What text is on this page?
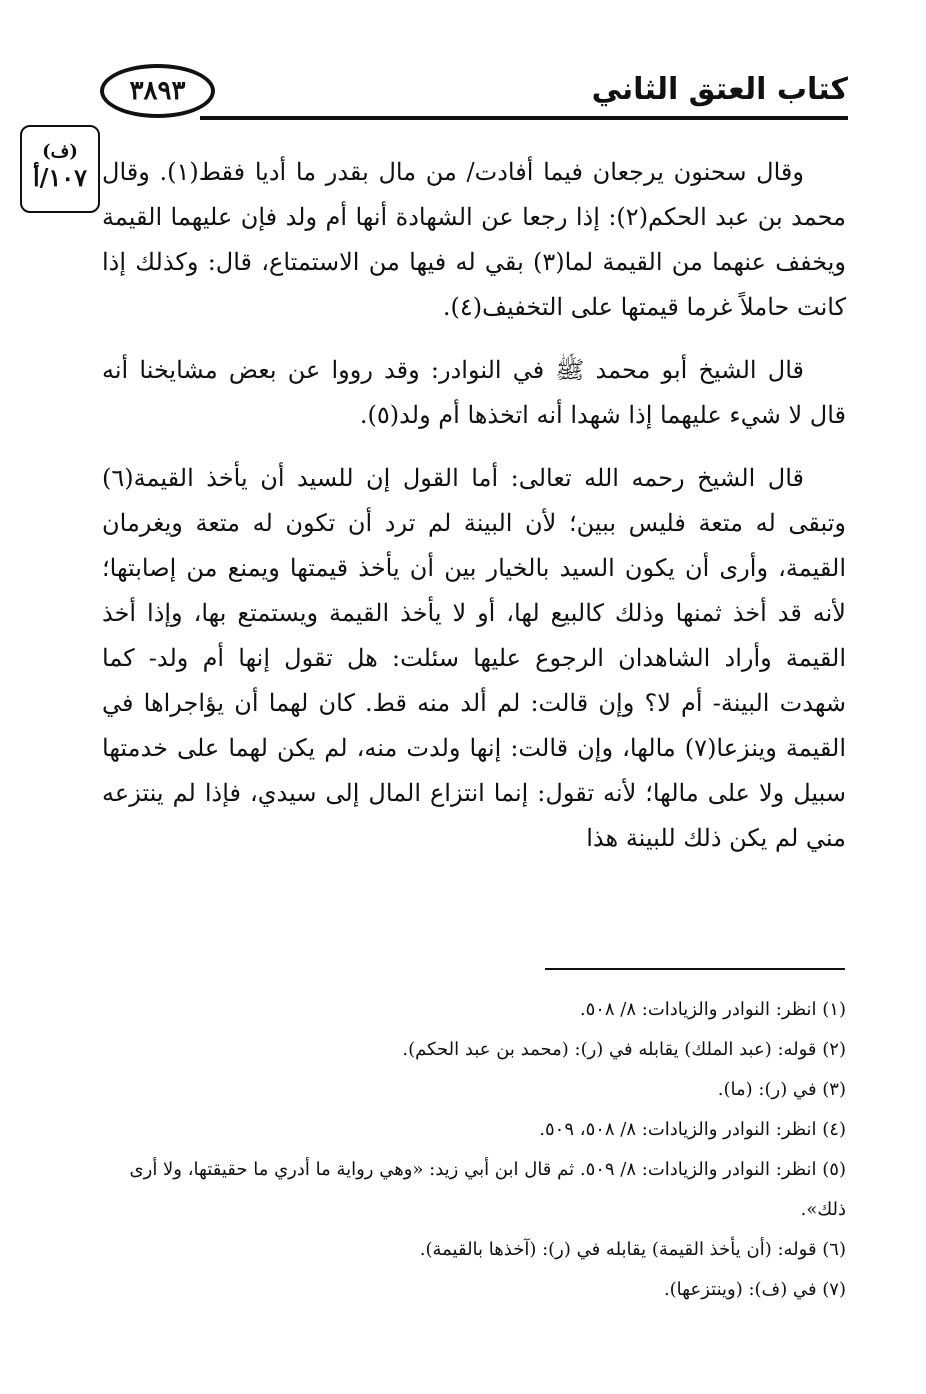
كتاب العتق الثاني
٣٨٩٣
(ف)
١٠٧/أ وقال سحنون يرجعان فيما أفادت/ من مال بقدر ما أديا فقط(١). وقال محمد بن عبد الحكم(٢): إذا رجعا عن الشهادة أنها أم ولد فإن عليهما القيمة ويخفف عنهما من القيمة لما(٣) بقي له فيها من الاستمتاع، قال: وكذلك إذا كانت حاملاً غرما قيمتها على التخفيف(٤).

قال الشيخ أبو محمد ﷺ في النوادر: وقد رووا عن بعض مشايخنا أنه قال لا شيء عليهما إذا شهدا أنه اتخذها أم ولد(٥).

قال الشيخ رحمه الله تعالى: أما القول إن للسيد أن يأخذ القيمة(٦) وتبقى له متعة فليس ببين؛ لأن البينة لم ترد أن تكون له متعة ويغرمان القيمة، وأرى أن يكون السيد بالخيار بين أن يأخذ قيمتها ويمنع من إصابتها؛ لأنه قد أخذ ثمنها وذلك كالبيع لها، أو لا يأخذ القيمة ويستمتع بها، وإذا أخذ القيمة وأراد الشاهدان الرجوع عليها سئلت: هل تقول إنها أم ولد- كما شهدت البينة- أم لا؟ وإن قالت: لم ألد منه قط. كان لهما أن يؤاجراها في القيمة وينزعا(٧) مالها، وإن قالت: إنها ولدت منه، لم يكن لهما على خدمتها سبيل ولا على مالها؛ لأنه تقول: إنما انتزاع المال إلى سيدي، فإذا لم ينتزعه مني لم يكن ذلك للبينة هذا

(١) انظر: النوادر والزيادات: ٨/ ٥٠٨.

(٢) قوله: (عبد الملك) يقابله في (ر): (محمد بن عبد الحكم).

(٣) في (ر): (ما).

(٤) انظر: النوادر والزيادات: ٨/ ٥٠٨، ٥٠٩.

(٥) انظر: النوادر والزيادات: ٨/ ٥٠٩. ثم قال ابن أبي زيد: «وهي رواية ما أدري ما حقيقتها، ولا أرى ذلك».

(٦) قوله: (أن يأخذ القيمة) يقابله في (ر): (آخذها بالقيمة).

(٧) في (ف): (وينتزعها).
